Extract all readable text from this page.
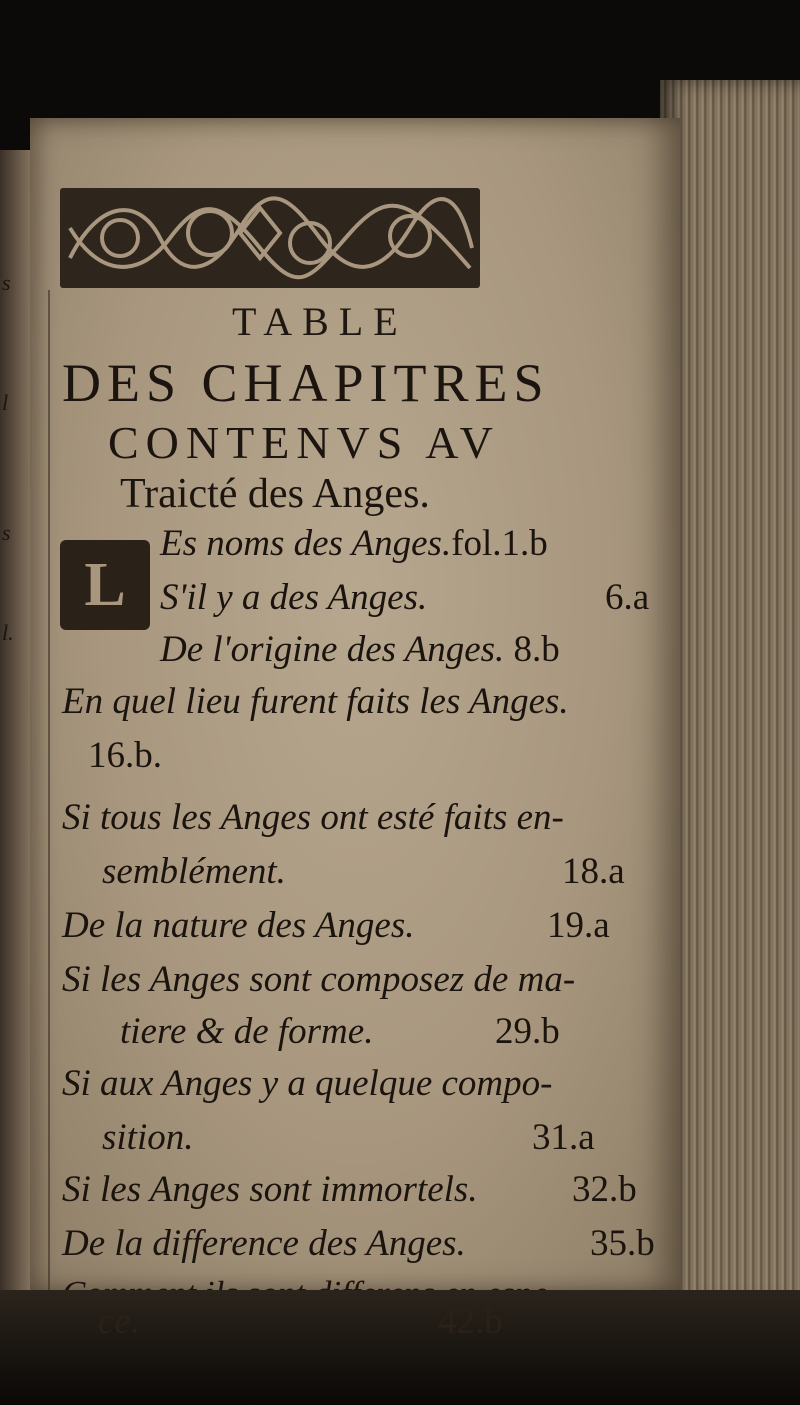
s
l
s
l.
TABLE
DES CHAPITRES
CONTENVS AV
Traicté des Anges.
L
Es noms des Anges.fol.1.b
S'il y a des Anges.	6.a
De l'origine des Anges. 8.b
En quel lieu furent faits les Anges.
16.b.
Si tous les Anges ont esté faits en-
semblément.	18.a
De la nature des Anges.	19.a
Si les Anges sont composez de ma-
tiere & de forme.	29.b
Si aux Anges y a quelque compo-
sition.	31.a
Si les Anges sont immortels.	32.b
De la difference des Anges.	35.b
ce.	42.b
